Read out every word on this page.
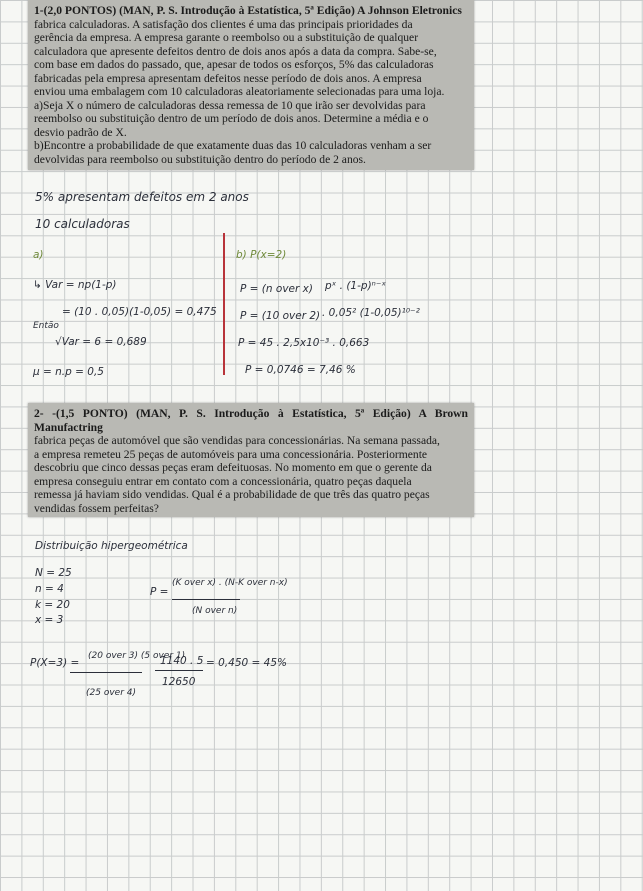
1-(2,0 PONTOS) (MAN, P. S. Introdução à Estatística, 5ª Edição) A Johnson Eletronics

fabrica calculadoras. A satisfação dos clientes é uma das principais prioridades da

gerência da empresa. A empresa garante o reembolso ou a substituição de qualquer

calculadora que apresente defeitos dentro de dois anos após a data da compra. Sabe-se,

com base em dados do passado, que, apesar de todos os esforços, 5% das calculadoras

fabricadas pela empresa apresentam defeitos nesse período de dois anos. A empresa

enviou uma embalagem com 10 calculadoras aleatoriamente selecionadas para uma loja.

a)Seja X o número de calculadoras dessa remessa de 10 que irão ser devolvidas para

reembolso ou substituição dentro de um período de dois anos. Determine a média e o

desvio padrão de X.

b)Encontre a probabilidade de que exatamente duas das 10 calculadoras venham a ser

devolvidas para reembolso ou substituição dentro do período de 2 anos.

5% apresentam defeitos em 2 anos
10 calculadoras
a)
↳ Var = np(1-p)
= (10 . 0,05)(1-0,05) = 0,475
Então
√Var = 6 = 0,689
μ = n.p = 0,5
b) P(x=2)
P = (n over x) pˣ . (1-p)ⁿ⁻ˣ
P = (10 over 2) . 0,05² (1-0,05)¹⁰⁻²
P = 45 . 2,5x10⁻³ . 0,663
P = 0,0746 = 7,46 %

2- -(1,5 PONTO) (MAN, P. S. Introdução à Estatística, 5ª Edição) A Brown Manufactring

fabrica peças de automóvel que são vendidas para concessionárias. Na semana passada,

a empresa remeteu 25 peças de automóveis para uma concessionária. Posteriormente

descobriu que cinco dessas peças eram defeituosas. No momento em que o gerente da

empresa conseguiu entrar em contato com a concessionária, quatro peças daquela

remessa já haviam sido vendidas. Qual é a probabilidade de que três das quatro peças

vendidas fossem perfeitas?

Distribuição hipergeométrica
N = 25
n = 4
k = 20
x = 3
P =
(K over x) . (N-K over n-x)
(N over n)
P(X=3) =
(20 over 3) (5 over 1)
(25 over 4)
1140 . 5
12650
= 0,450 = 45%
